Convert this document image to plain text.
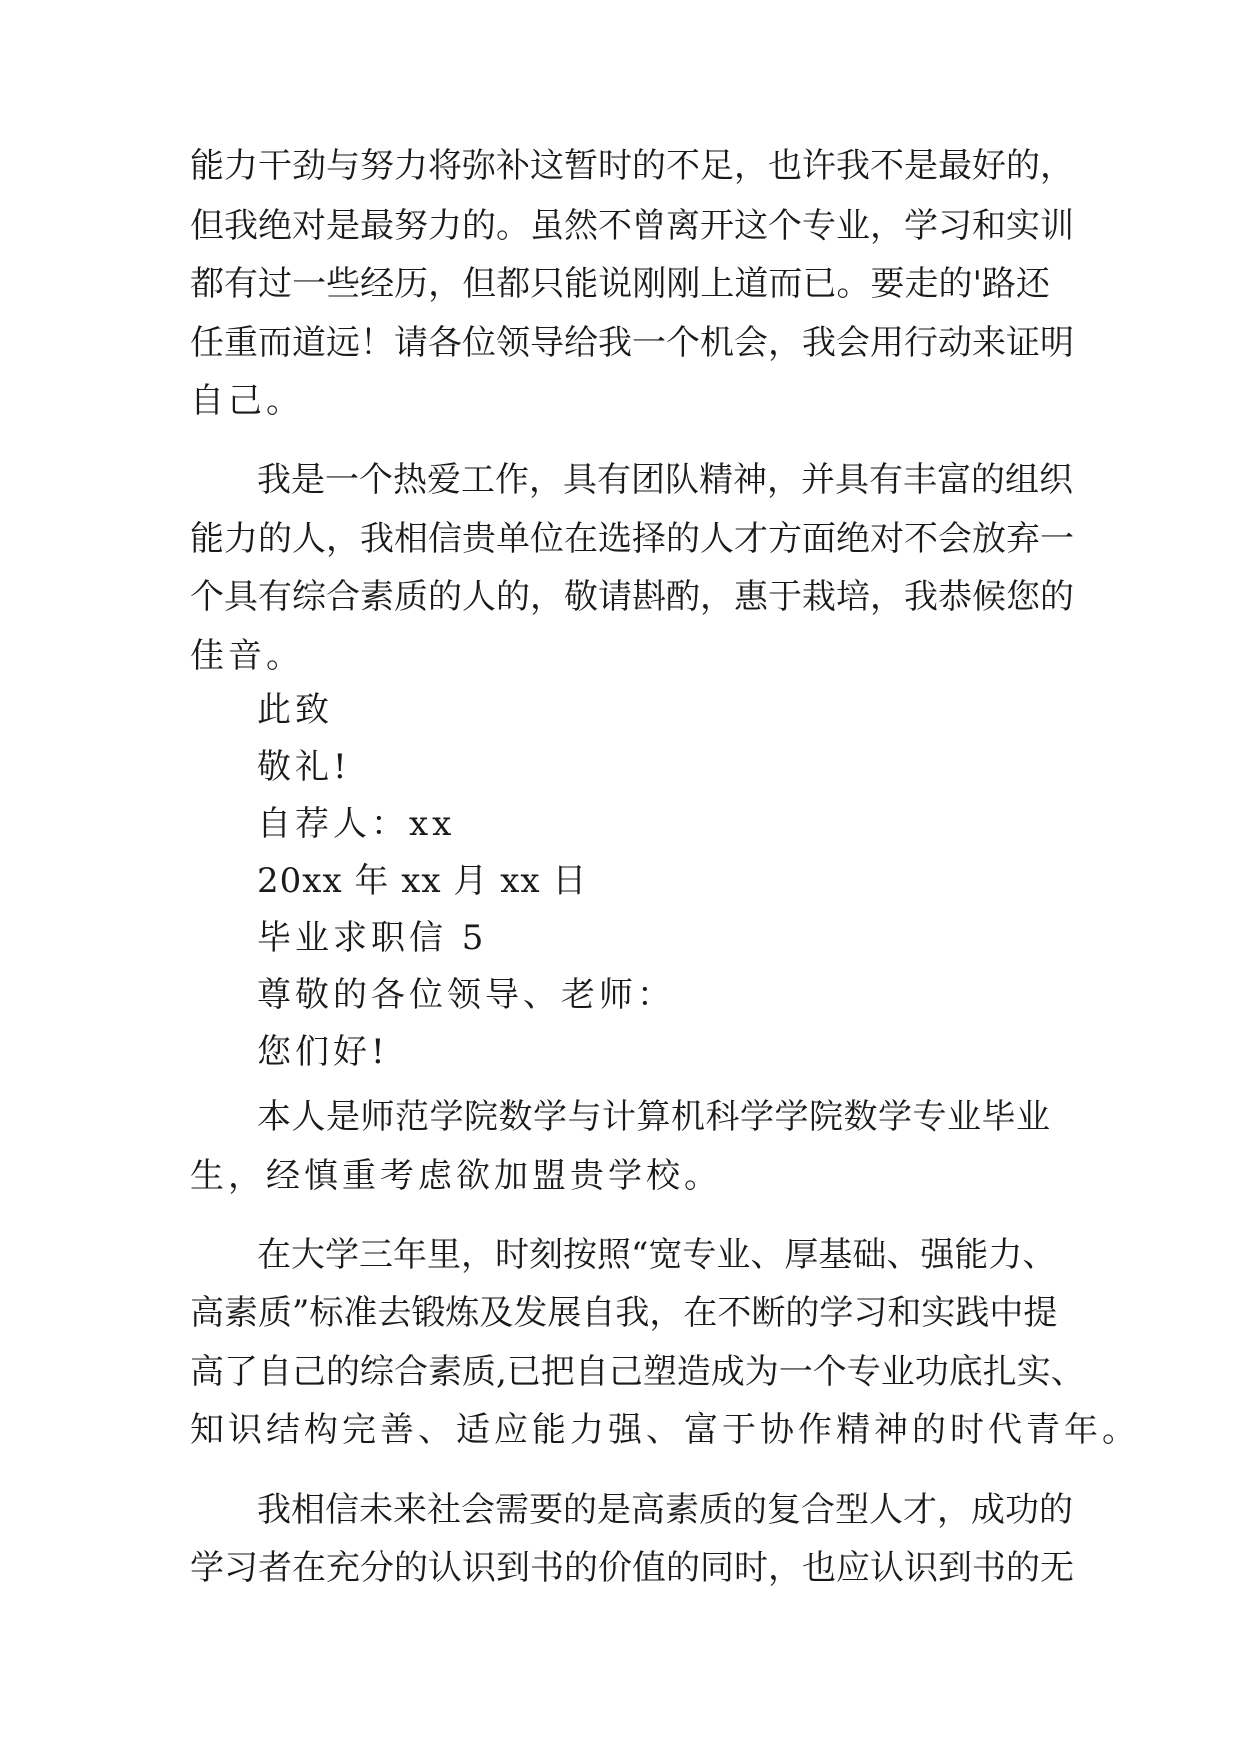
能力干劲与努力将弥补这暂时的不足，也许我不是最好的，
但我绝对是最努力的。虽然不曾离开这个专业，学习和实训
都有过一些经历，但都只能说刚刚上道而已。要走的'路还
任重而道远！请各位领导给我一个机会，我会用行动来证明
自己。
我是一个热爱工作，具有团队精神，并具有丰富的组织
能力的人，我相信贵单位在选择的人才方面绝对不会放弃一
个具有综合素质的人的，敬请斟酌，惠于栽培，我恭候您的
佳音。
此致
敬礼!
自荐人：xx
20xx 年 xx 月 xx 日
毕业求职信 5
尊敬的各位领导、老师：
您们好!
本人是师范学院数学与计算机科学学院数学专业毕业
生，经慎重考虑欲加盟贵学校。
在大学三年里，时刻按照“宽专业、厚基础、强能力、
高素质”标准去锻炼及发展自我，在不断的学习和实践中提
高了自己的综合素质,已把自己塑造成为一个专业功底扎实、
知识结构完善、适应能力强、富于协作精神的时代青年。
我相信未来社会需要的是高素质的复合型人才，成功的
学习者在充分的认识到书的价值的同时，也应认识到书的无
